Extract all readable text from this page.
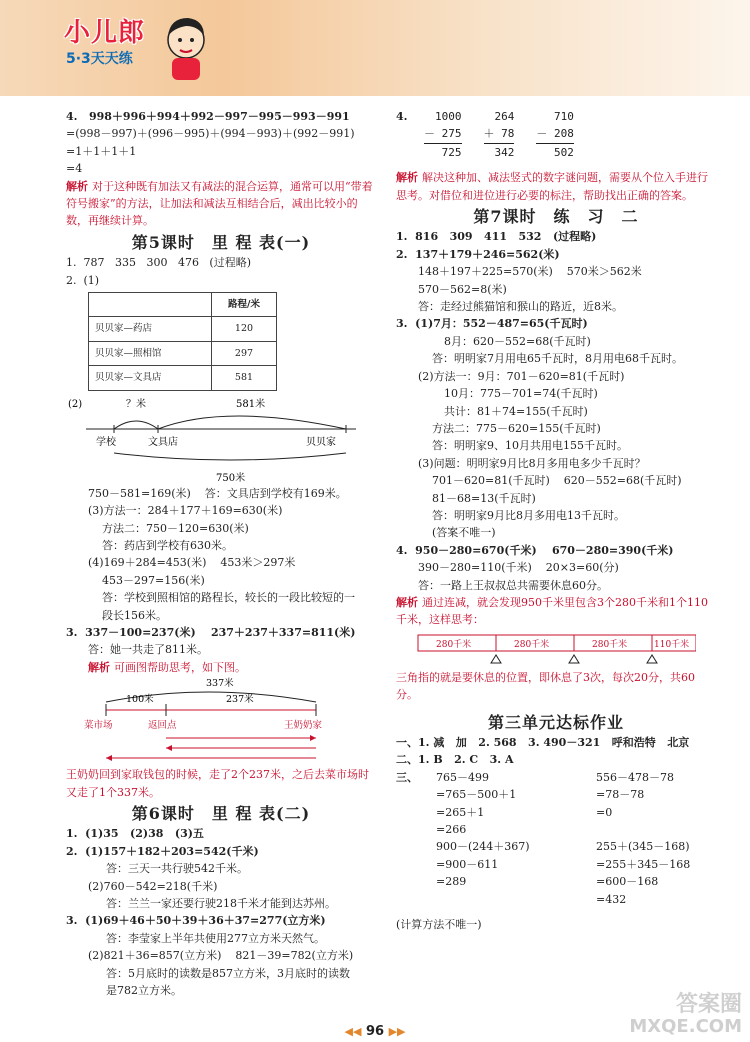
小儿郎
5·3天天练
4.   998＋996＋994＋992－997－995－993－991
=(998－997)＋(996－995)＋(994－993)＋(992－991)
=1＋1＋1＋1
=4
解析 对于这种既有加法又有减法的混合运算，通常可以用“带着符号搬家”的方法，让加法和减法互相结合后，减出比较小的数，再继续计算。
第5课时　里 程 表(一)
1.  787   335   300   476   (过程略)
2.  (1)
	路程/米
贝贝家—药店	120
贝贝家—照相馆	297
贝贝家—文具店	581
(2)	？米	581米
学校	文具店	贝贝家
750米
750－581=169(米)    答：文具店到学校有169米。
(3)方法一：284＋177＋169=630(米)
方法二：750－120=630(米)
答：药店到学校有630米。
(4)169＋284=453(米)    453米＞297米
453－297=156(米)
答：学校到照相馆的路程长，较长的一段比较短的一
段长156米。
3.  337－100=237(米)    237＋237＋337=811(米)
答：她一共走了811米。
解析 可画图帮助思考，如下图。
337米
100米	237米
菜市场	返回点	王奶奶家
王奶奶回到家取钱包的时候，走了2个237米，之后去菜市场时又走了1个337米。
第6课时　里 程 表(二)
1.  (1)35   (2)38   (3)五
2.  (1)157＋182＋203=542(千米)
答：三天一共行驶542千米。
(2)760－542=218(千米)
答：兰兰一家还要行驶218千米才能到达苏州。
3.  (1)69＋46＋50＋39＋36＋37=277(立方米)
答：李莹家上半年共使用277立方米天然气。
(2)821＋36=857(立方米)    821－39=782(立方米)
答：5月底时的读数是857立方米，3月底时的读数
是782立方米。
4.	1000
－ 275
725
264
＋ 78
342
710
－ 208
502
解析 解决这种加、减法竖式的数字谜问题，需要从个位入手进行思考。对借位和进位进行必要的标注，帮助找出正确的答案。
第7课时　练　习　二
1.  816   309   411   532   (过程略)
2.  137＋179＋246=562(米)
148＋197＋225=570(米)    570米＞562米
570－562=8(米)
答：走经过熊猫馆和猴山的路近，近8米。
3.  (1)7月：552－487=65(千瓦时)
8月：620－552=68(千瓦时)
答：明明家7月用电65千瓦时，8月用电68千瓦时。
(2)方法一：9月：701－620=81(千瓦时)
10月：775－701=74(千瓦时)
共计：81＋74=155(千瓦时)
方法二：775－620=155(千瓦时)
答：明明家9、10月共用电155千瓦时。
(3)问题：明明家9月比8月多用电多少千瓦时？
701－620=81(千瓦时)    620－552=68(千瓦时)
81－68=13(千瓦时)
答：明明家9月比8月多用电13千瓦时。
(答案不唯一)
4.  950－280=670(千米)    670－280=390(千米)
390－280=110(千米)    20×3=60(分)
答：一路上王叔叔总共需要休息60分。
解析 通过连减，就会发现950千米里包含3个280千米和1个110千米，这样思考：
280千米	280千米	280千米	110千米
三角指的就是要休息的位置，即休息了3次，每次20分，共60分。
第三单元达标作业
一、1. 减   加   2. 568   3. 490－321   呼和浩特   北京
二、1. B   2. C   3. A
三、	765－499
=765－500＋1
=265＋1
=266
900－(244＋367)
=900－611
=289
556－478－78
=78－78
=0
255＋(345－168)
=255＋345－168
=600－168
=432
(计算方法不唯一)
◀◀ 96 ▶▶
答案圈
MXQE.COM
